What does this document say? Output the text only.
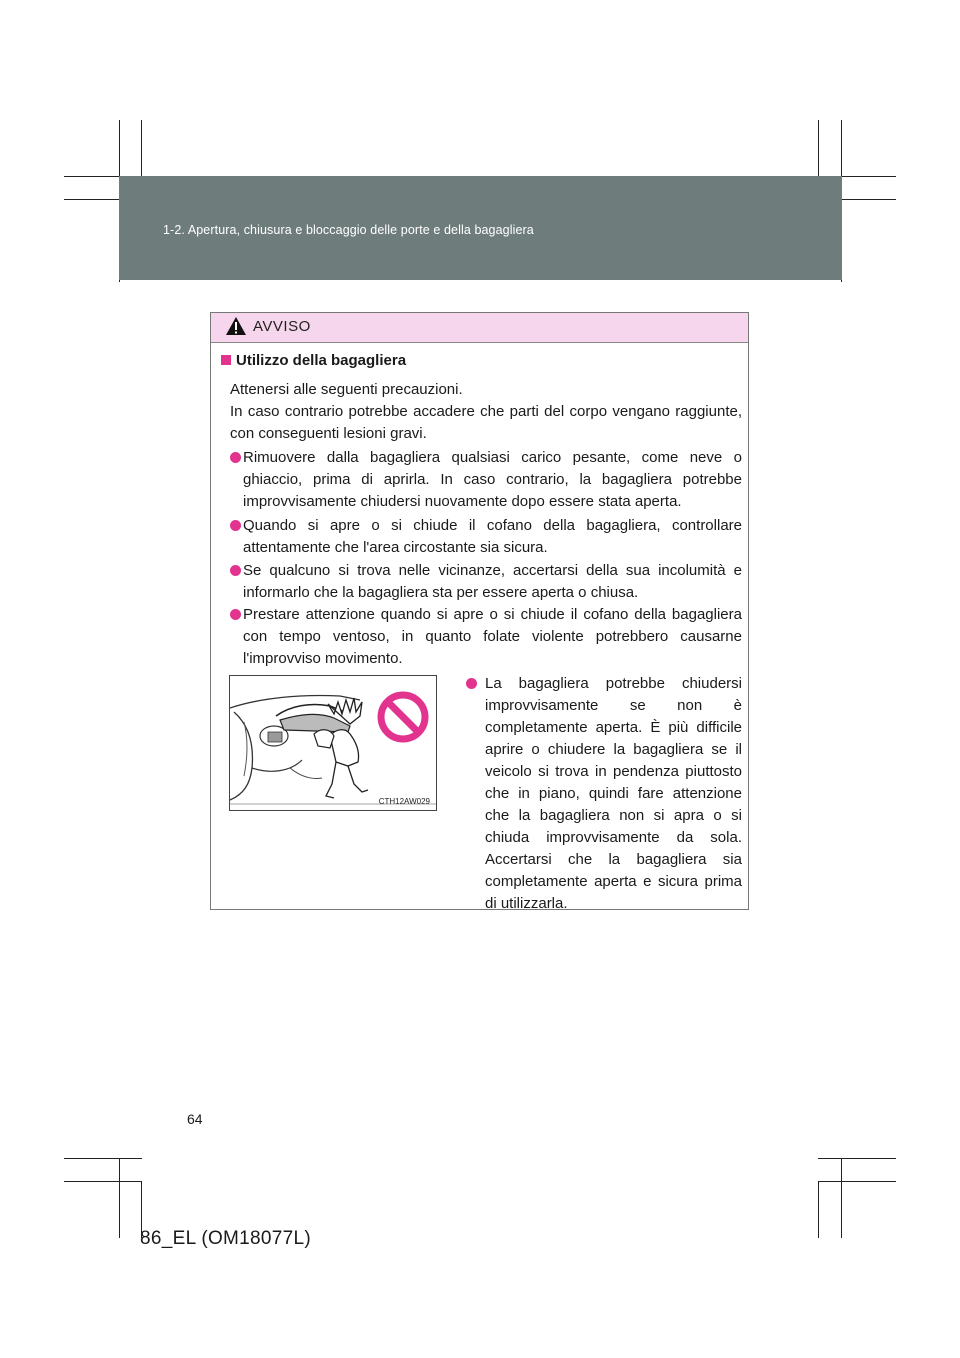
1-2. Apertura, chiusura e bloccaggio delle porte e della bagagliera
AVVISO
Utilizzo della bagagliera
Attenersi alle seguenti precauzioni.
In caso contrario potrebbe accadere che parti del corpo vengano raggiunte, con conseguenti lesioni gravi.
Rimuovere dalla bagagliera qualsiasi carico pesante, come neve o ghiaccio, prima di aprirla. In caso contrario, la bagagliera potrebbe improvvisamente chiudersi nuovamente dopo essere stata aperta.
Quando si apre o si chiude il cofano della bagagliera, controllare attentamente che l'area circostante sia sicura.
Se qualcuno si trova nelle vicinanze, accertarsi della sua incolumità e informarlo che la bagagliera sta per essere aperta o chiusa.
Prestare attenzione quando si apre o si chiude il cofano della bagagliera con tempo ventoso, in quanto folate violente potrebbero causarne l'improvviso movimento.
CTH12AW029
La bagagliera potrebbe chiudersi improvvisamente se non è completamente aperta. È più difficile aprire o chiudere la bagagliera se il veicolo si trova in pendenza piuttosto che in piano, quindi fare attenzione che la bagagliera non si apra o si chiuda improvvisamente da sola. Accertarsi che la bagagliera sia completamente aperta e sicura prima di utilizzarla.
64
86_EL (OM18077L)
